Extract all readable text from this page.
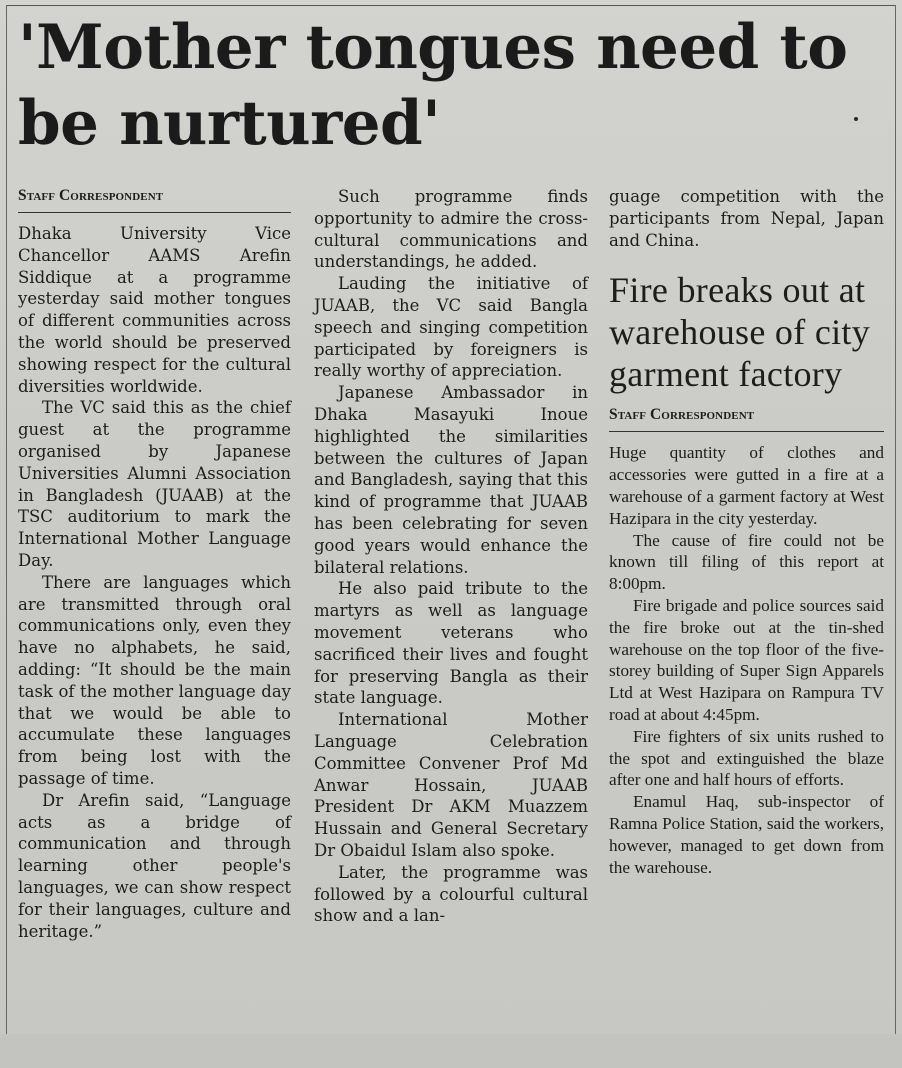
'Mother tongues need to be nurtured'
Staff Correspondent

Dhaka University Vice Chancellor AAMS Arefin Siddique at a programme yesterday said mother tongues of different communities across the world should be preserved showing respect for the cultural diversities worldwide.

The VC said this as the chief guest at the programme organised by Japanese Universities Alumni Association in Bangladesh (JUAAB) at the TSC auditorium to mark the International Mother Language Day.

There are languages which are transmitted through oral communications only, even they have no alphabets, he said, adding: “It should be the main task of the mother language day that we would be able to accumulate these languages from being lost with the passage of time.

Dr Arefin said, “Language acts as a bridge of communication and through learning other people's languages, we can show respect for their languages, culture and heritage.”

Such programme finds opportunity to admire the cross-cultural communications and understandings, he added.

Lauding the initiative of JUAAB, the VC said Bangla speech and singing competition participated by foreigners is really worthy of appreciation.

Japanese Ambassador in Dhaka Masayuki Inoue highlighted the similarities between the cultures of Japan and Bangladesh, saying that this kind of programme that JUAAB has been celebrating for seven good years would enhance the bilateral relations.

He also paid tribute to the martyrs as well as language movement veterans who sacrificed their lives and fought for preserving Bangla as their state language.

International Mother Language Celebration Committee Convener Prof Md Anwar Hossain, JUAAB President Dr AKM Muazzem Hussain and General Secretary Dr Obaidul Islam also spoke.

Later, the programme was followed by a colourful cultural show and a lan-

guage competition with the participants from Nepal, Japan and China.

Fire breaks out at warehouse of city garment factory
Staff Correspondent

Huge quantity of clothes and accessories were gutted in a fire at a warehouse of a garment factory at West Hazipara in the city yesterday.

The cause of fire could not be known till filing of this report at 8:00pm.

Fire brigade and police sources said the fire broke out at the tin-shed warehouse on the top floor of the five-storey building of Super Sign Apparels Ltd at West Hazipara on Rampura TV road at about 4:45pm.

Fire fighters of six units rushed to the spot and extinguished the blaze after one and half hours of efforts.

Enamul Haq, sub-inspector of Ramna Police Station, said the workers, however, managed to get down from the warehouse.
